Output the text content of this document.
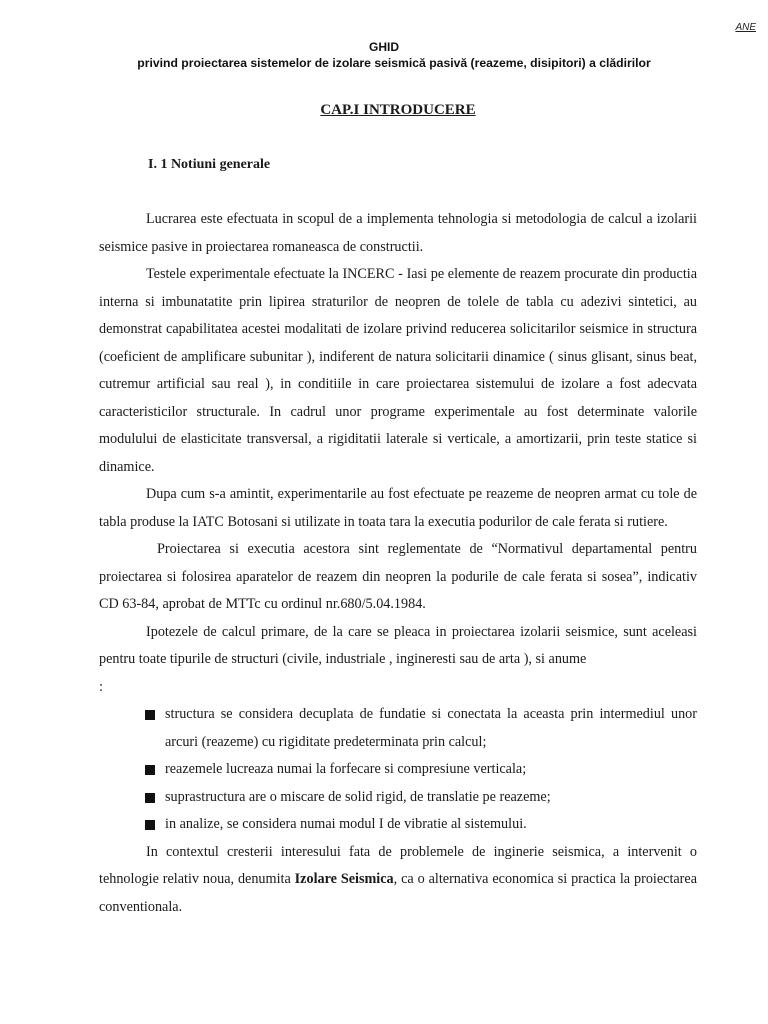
ANE
GHID
privind proiectarea sistemelor de izolare seismică pasivă (reazeme, disipitori) a clădirilor
CAP.I INTRODUCERE
I. 1 Notiuni generale

Lucrarea este efectuata in scopul de a implementa tehnologia si metodologia de calcul a izolarii seismice pasive in proiectarea romaneasca de constructii.

Testele experimentale efectuate la INCERC - Iasi pe elemente de reazem procurate din productia interna si imbunatatite prin lipirea straturilor de neopren de tolele de tabla cu adezivi sintetici, au demonstrat capabilitatea acestei modalitati de izolare privind reducerea solicitarilor seismice in structura (coeficient de amplificare subunitar ), indiferent de natura solicitarii dinamice ( sinus glisant, sinus beat, cutremur artificial sau real ), in conditiile in care proiectarea sistemului de izolare a fost adecvata caracteristicilor structurale. In cadrul unor programe experimentale au fost determinate valorile modulului de elasticitate transversal, a rigiditatii laterale si verticale, a amortizarii, prin teste statice si dinamice.

Dupa cum s-a amintit, experimentarile au fost efectuate pe reazeme de neopren armat cu tole de tabla produse la IATC Botosani si utilizate in toata tara la executia podurilor de cale ferata si rutiere.

Proiectarea si executia acestora sint reglementate de “Normativul departamental pentru proiectarea si folosirea aparatelor de reazem din neopren la podurile de cale ferata si sosea”, indicativ CD 63-84, aprobat de MTTc cu ordinul nr.680/5.04.1984.

Ipotezele de calcul primare, de la care se pleaca in proiectarea izolarii seismice, sunt aceleasi pentru toate tipurile de structuri (civile, industriale , ingineresti sau de arta ), si anume

:

structura se considera decuplata de fundatie si conectata la aceasta prin intermediul unor arcuri (reazeme) cu rigiditate predeterminata prin calcul;
reazemele lucreaza numai la forfecare si compresiune verticala;
suprastructura are o miscare de solid rigid, de translatie pe reazeme;
in analize, se considera numai modul I de vibratie al sistemului.

In contextul cresterii interesului fata de problemele de inginerie seismica, a intervenit o tehnologie relativ noua, denumita Izolare Seismica, ca o alternativa economica si practica la proiectarea conventionala.
